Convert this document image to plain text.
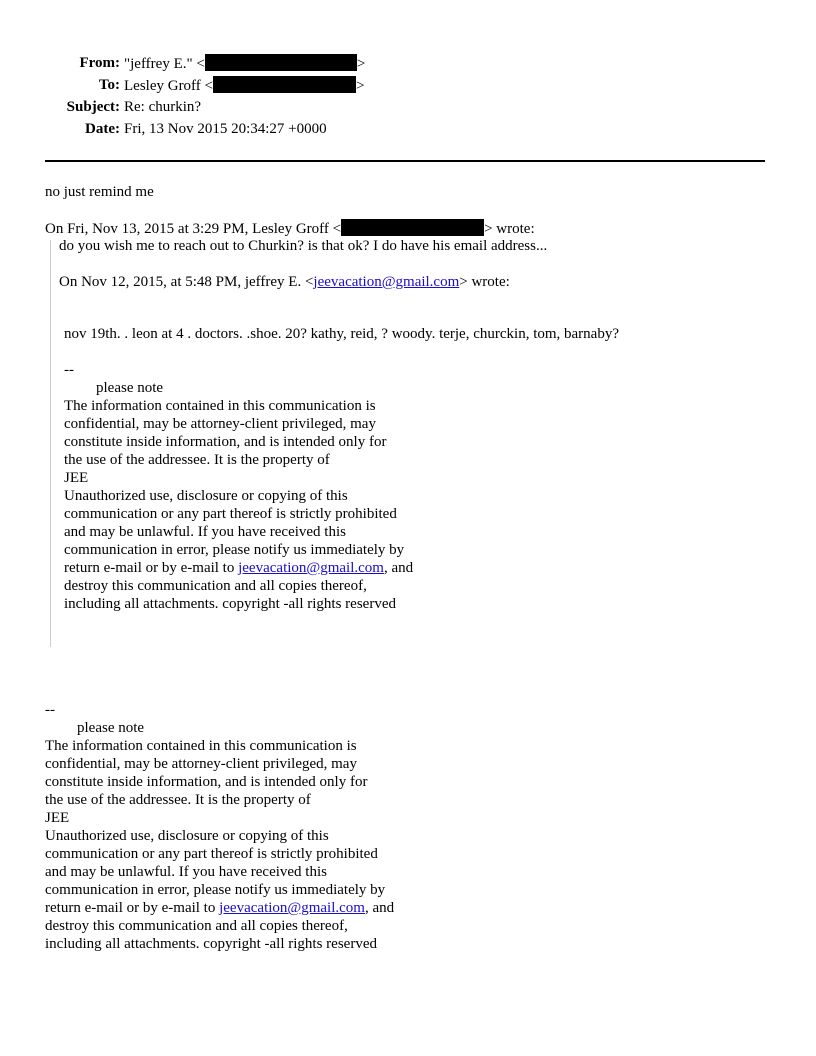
From: "jeffrey E." <	>
To: Lesley Groff <	>
Subject: Re: churkin?
Date: Fri, 13 Nov 2015 20:34:27 +0000
no just remind me
On Fri, Nov 13, 2015 at 3:29 PM, Lesley Groff <	> wrote:
do you wish me to reach out to Churkin? is that ok? I do have his email address...
On Nov 12, 2015, at 5:48 PM, jeffrey E. <jeevacation@gmail.com> wrote:
nov 19th. . leon at 4 . doctors. .shoe. 20? kathy, reid, ? woody. terje, churckin, tom, barnaby?
--
please note
The information contained in this communication is
confidential, may be attorney-client privileged, may
constitute inside information, and is intended only for
the use of the addressee. It is the property of
JEE
Unauthorized use, disclosure or copying of this
communication or any part thereof is strictly prohibited
and may be unlawful. If you have received this
communication in error, please notify us immediately by
return e-mail or by e-mail to jeevacation@gmail.com, and
destroy this communication and all copies thereof,
including all attachments. copyright -all rights reserved
--
please note
The information contained in this communication is
confidential, may be attorney-client privileged, may
constitute inside information, and is intended only for
the use of the addressee. It is the property of
JEE
Unauthorized use, disclosure or copying of this
communication or any part thereof is strictly prohibited
and may be unlawful. If you have received this
communication in error, please notify us immediately by
return e-mail or by e-mail to jeevacation@gmail.com, and
destroy this communication and all copies thereof,
including all attachments. copyright -all rights reserved
